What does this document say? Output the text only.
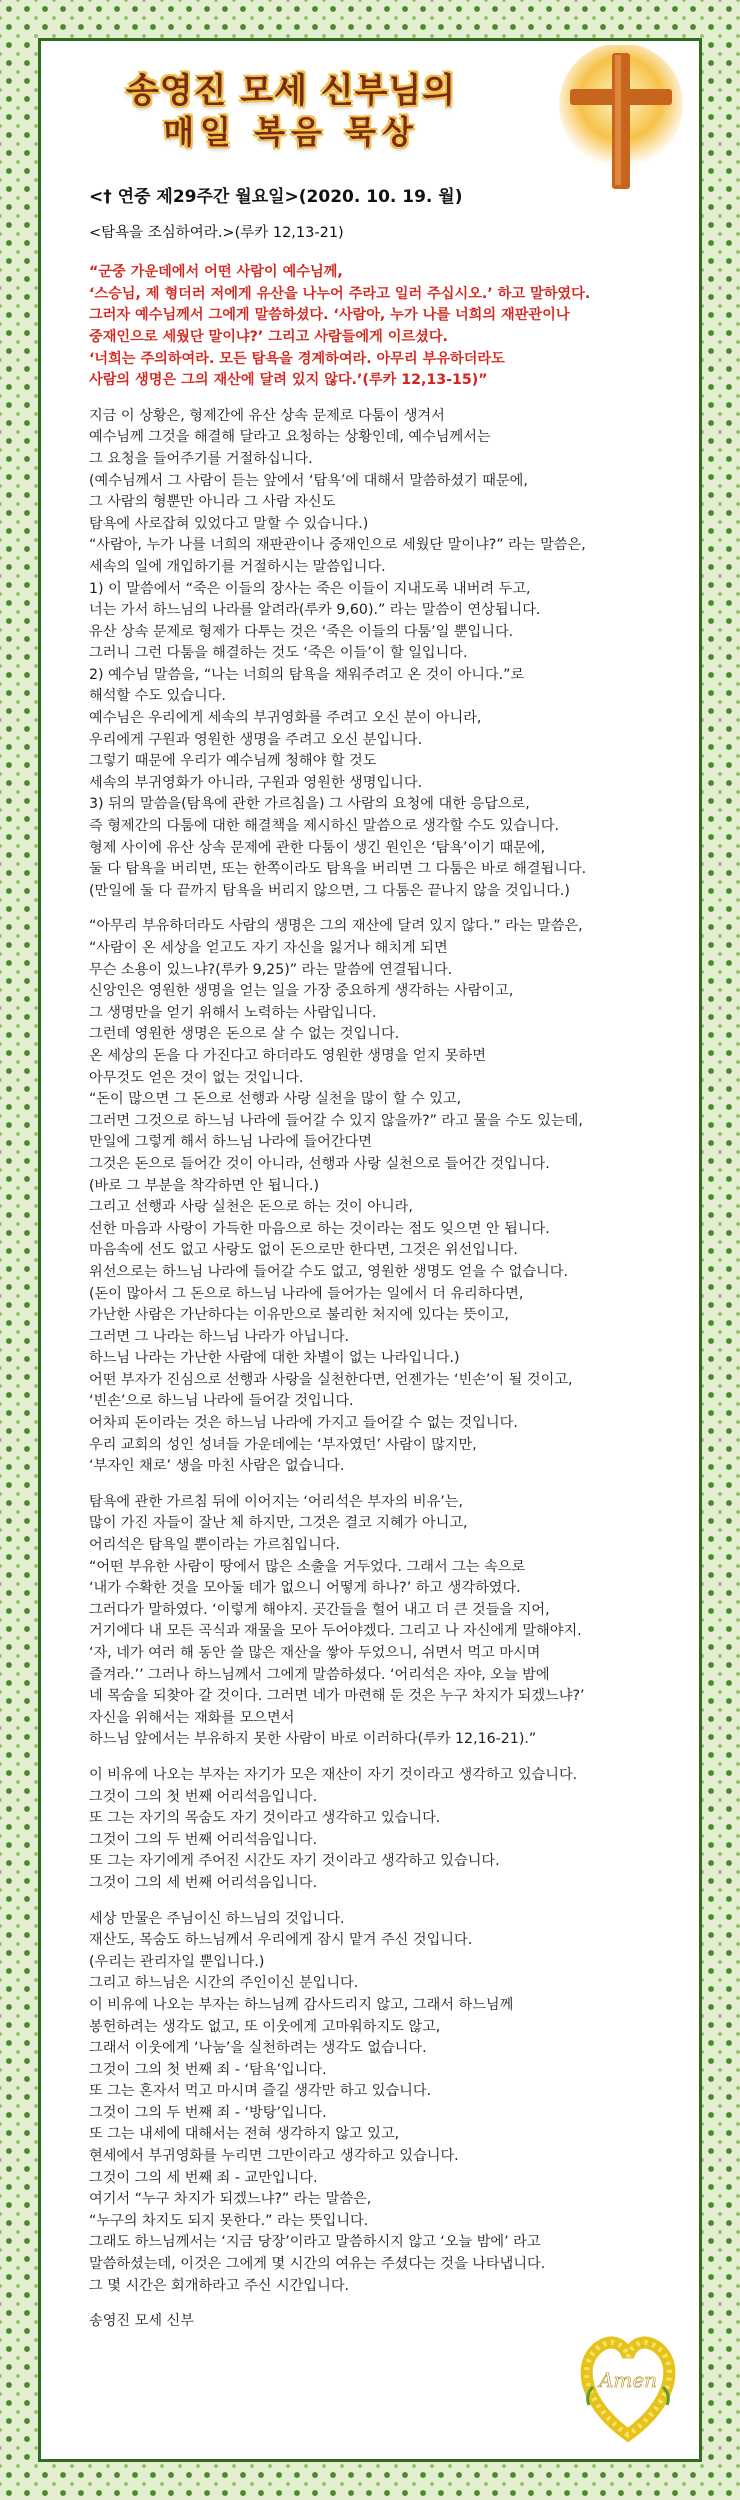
송영진 모세 신부님의
매일 복음 묵상
<† 연중 제29주간 월요일>(2020. 10. 19. 월)
<탐욕을 조심하여라.>(루카 12,13-21)
“군중 가운데에서 어떤 사람이 예수님께,
‘스승님, 제 형더러 저에게 유산을 나누어 주라고 일러 주십시오.’ 하고 말하였다.
그러자 예수님께서 그에게 말씀하셨다. ‘사람아, 누가 나를 너희의 재판관이나
중재인으로 세웠단 말이냐?’ 그리고 사람들에게 이르셨다.
‘너희는 주의하여라. 모든 탐욕을 경계하여라. 아무리 부유하더라도
사람의 생명은 그의 재산에 달려 있지 않다.’(루카 12,13-15)”
지금 이 상황은, 형제간에 유산 상속 문제로 다툼이 생겨서
예수님께 그것을 해결해 달라고 요청하는 상황인데, 예수님께서는
그 요청을 들어주기를 거절하십니다.
(예수님께서 그 사람이 듣는 앞에서 ‘탐욕’에 대해서 말씀하셨기 때문에,
그 사람의 형뿐만 아니라 그 사람 자신도
탐욕에 사로잡혀 있었다고 말할 수 있습니다.)
“사람아, 누가 나를 너희의 재판관이나 중재인으로 세웠단 말이냐?” 라는 말씀은,
세속의 일에 개입하기를 거절하시는 말씀입니다.
1) 이 말씀에서 “죽은 이들의 장사는 죽은 이들이 지내도록 내버려 두고,
너는 가서 하느님의 나라를 알려라(루카 9,60).” 라는 말씀이 연상됩니다.
유산 상속 문제로 형제가 다투는 것은 ‘죽은 이들의 다툼’일 뿐입니다.
그러니 그런 다툼을 해결하는 것도 ‘죽은 이들’이 할 일입니다.
2) 예수님 말씀을, “나는 너희의 탐욕을 채워주려고 온 것이 아니다.”로
해석할 수도 있습니다.
예수님은 우리에게 세속의 부귀영화를 주려고 오신 분이 아니라,
우리에게 구원과 영원한 생명을 주려고 오신 분입니다.
그렇기 때문에 우리가 예수님께 청해야 할 것도
세속의 부귀영화가 아니라, 구원과 영원한 생명입니다.
3) 뒤의 말씀을(탐욕에 관한 가르침을) 그 사람의 요청에 대한 응답으로,
즉 형제간의 다툼에 대한 해결책을 제시하신 말씀으로 생각할 수도 있습니다.
형제 사이에 유산 상속 문제에 관한 다툼이 생긴 원인은 ‘탐욕’이기 때문에,
둘 다 탐욕을 버리면, 또는 한쪽이라도 탐욕을 버리면 그 다툼은 바로 해결됩니다.
(만일에 둘 다 끝까지 탐욕을 버리지 않으면, 그 다툼은 끝나지 않을 것입니다.)
“아무리 부유하더라도 사람의 생명은 그의 재산에 달려 있지 않다.” 라는 말씀은,
“사람이 온 세상을 얻고도 자기 자신을 잃거나 해치게 되면
무슨 소용이 있느냐?(루카 9,25)” 라는 말씀에 연결됩니다.
신앙인은 영원한 생명을 얻는 일을 가장 중요하게 생각하는 사람이고,
그 생명만을 얻기 위해서 노력하는 사람입니다.
그런데 영원한 생명은 돈으로 살 수 없는 것입니다.
온 세상의 돈을 다 가진다고 하더라도 영원한 생명을 얻지 못하면
아무것도 얻은 것이 없는 것입니다.
“돈이 많으면 그 돈으로 선행과 사랑 실천을 많이 할 수 있고,
그러면 그것으로 하느님 나라에 들어갈 수 있지 않을까?” 라고 물을 수도 있는데,
만일에 그렇게 해서 하느님 나라에 들어간다면
그것은 돈으로 들어간 것이 아니라, 선행과 사랑 실천으로 들어간 것입니다.
(바로 그 부분을 착각하면 안 됩니다.)
그리고 선행과 사랑 실천은 돈으로 하는 것이 아니라,
선한 마음과 사랑이 가득한 마음으로 하는 것이라는 점도 잊으면 안 됩니다.
마음속에 선도 없고 사랑도 없이 돈으로만 한다면, 그것은 위선입니다.
위선으로는 하느님 나라에 들어갈 수도 없고, 영원한 생명도 얻을 수 없습니다.
(돈이 많아서 그 돈으로 하느님 나라에 들어가는 일에서 더 유리하다면,
가난한 사람은 가난하다는 이유만으로 불리한 처지에 있다는 뜻이고,
그러면 그 나라는 하느님 나라가 아닙니다.
하느님 나라는 가난한 사람에 대한 차별이 없는 나라입니다.)
어떤 부자가 진심으로 선행과 사랑을 실천한다면, 언젠가는 ‘빈손’이 될 것이고,
‘빈손’으로 하느님 나라에 들어갈 것입니다.
어차피 돈이라는 것은 하느님 나라에 가지고 들어갈 수 없는 것입니다.
우리 교회의 성인 성녀들 가운데에는 ‘부자였던’ 사람이 많지만,
‘부자인 채로’ 생을 마친 사람은 없습니다.
탐욕에 관한 가르침 뒤에 이어지는 ‘어리석은 부자의 비유’는,
많이 가진 자들이 잘난 체 하지만, 그것은 결코 지혜가 아니고,
어리석은 탐욕일 뿐이라는 가르침입니다.
“어떤 부유한 사람이 땅에서 많은 소출을 거두었다. 그래서 그는 속으로
‘내가 수확한 것을 모아둘 데가 없으니 어떻게 하나?’ 하고 생각하였다.
그러다가 말하였다. ‘이렇게 해야지. 곳간들을 헐어 내고 더 큰 것들을 지어,
거기에다 내 모든 곡식과 재물을 모아 두어야겠다. 그리고 나 자신에게 말해야지.
‘자, 네가 여러 해 동안 쓸 많은 재산을 쌓아 두었으니, 쉬면서 먹고 마시며
즐겨라.’’ 그러나 하느님께서 그에게 말씀하셨다. ‘어리석은 자야, 오늘 밤에
네 목숨을 되찾아 갈 것이다. 그러면 네가 마련해 둔 것은 누구 차지가 되겠느냐?’
자신을 위해서는 재화를 모으면서
하느님 앞에서는 부유하지 못한 사람이 바로 이러하다(루카 12,16-21).”
이 비유에 나오는 부자는 자기가 모은 재산이 자기 것이라고 생각하고 있습니다.
그것이 그의 첫 번째 어리석음입니다.
또 그는 자기의 목숨도 자기 것이라고 생각하고 있습니다.
그것이 그의 두 번째 어리석음입니다.
또 그는 자기에게 주어진 시간도 자기 것이라고 생각하고 있습니다.
그것이 그의 세 번째 어리석음입니다.
세상 만물은 주님이신 하느님의 것입니다.
재산도, 목숨도 하느님께서 우리에게 잠시 맡겨 주신 것입니다.
(우리는 관리자일 뿐입니다.)
그리고 하느님은 시간의 주인이신 분입니다.
이 비유에 나오는 부자는 하느님께 감사드리지 않고, 그래서 하느님께
봉헌하려는 생각도 없고, 또 이웃에게 고마워하지도 않고,
그래서 이웃에게 ‘나눔’을 실천하려는 생각도 없습니다.
그것이 그의 첫 번째 죄 - ‘탐욕’입니다.
또 그는 혼자서 먹고 마시며 즐길 생각만 하고 있습니다.
그것이 그의 두 번째 죄 - ‘방탕’입니다.
또 그는 내세에 대해서는 전혀 생각하지 않고 있고,
현세에서 부귀영화를 누리면 그만이라고 생각하고 있습니다.
그것이 그의 세 번째 죄 - 교만입니다.
여기서 “누구 차지가 되겠느냐?” 라는 말씀은,
“누구의 차지도 되지 못한다.” 라는 뜻입니다.
그래도 하느님께서는 ‘지금 당장’이라고 말씀하시지 않고 ‘오늘 밤에’ 라고
말씀하셨는데, 이것은 그에게 몇 시간의 여유는 주셨다는 것을 나타냅니다.
그 몇 시간은 회개하라고 주신 시간입니다.
송영진 모세 신부
Amen
